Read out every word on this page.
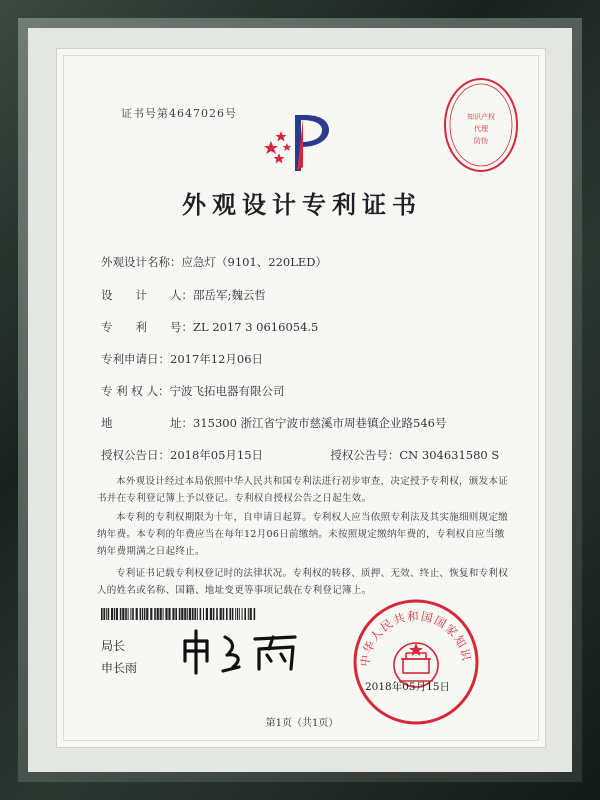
证书号第4647026号	知识产权
代理
防伪
外观设计专利证书
外观设计名称：应急灯（9101、220LED）
设　　计　　人：邵岳军;魏云哲
专　　利　　号：ZL 2017 3 0616054.5
专利申请日：2017年12月06日
专 利 权 人：宁波飞拓电器有限公司
地　　　　　址：315300 浙江省宁波市慈溪市周巷镇企业路546号
授权公告日：2018年05月15日	授权公告号：CN 304631580 S
本外观设计经过本局依照中华人民共和国专利法进行初步审查，决定授予专利权，颁发本证书并在专利登记簿上予以登记。专利权自授权公告之日起生效。
本专利的专利权期限为十年，自申请日起算。专利权人应当依照专利法及其实施细则规定缴纳年费。本专利的年费应当在每年12月06日前缴纳。未按照规定缴纳年费的，专利权自应当缴纳年费期满之日起终止。
专利证书记载专利权登记时的法律状况。专利权的转移、质押、无效、终止、恢复和专利权人的姓名或名称、国籍、地址变更等事项记载在专利登记簿上。
局长
申长雨
中华人民共和国国家知识
2018年05月15日
第1页（共1页）
